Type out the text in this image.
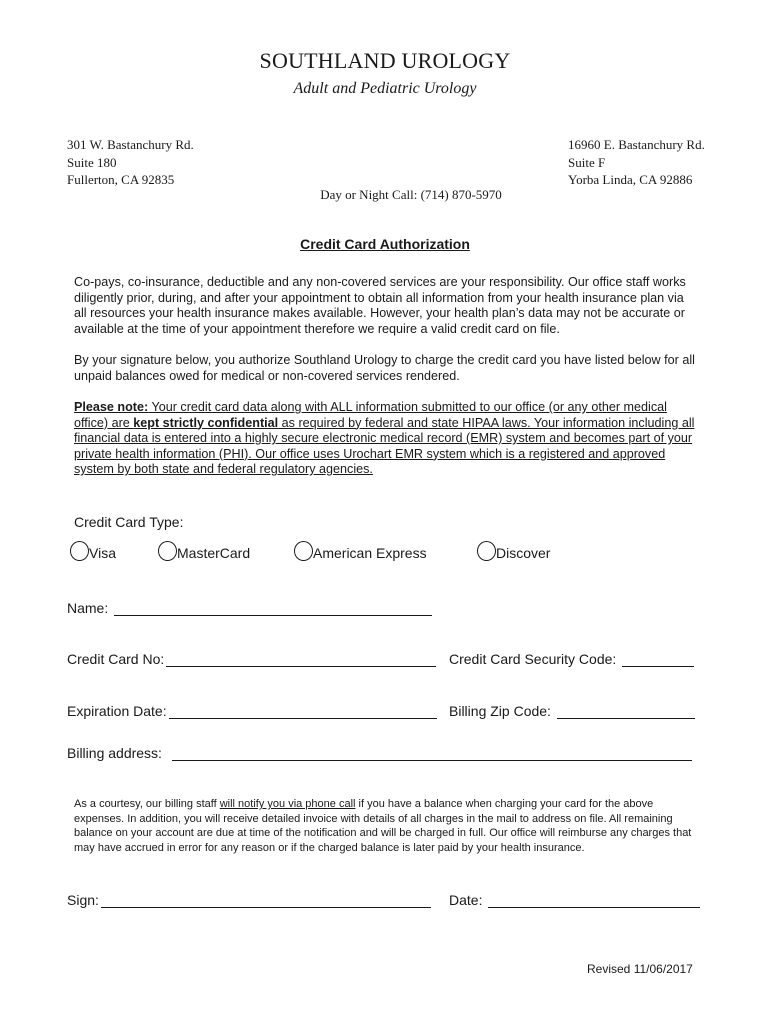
SOUTHLAND UROLOGY
Adult and Pediatric Urology
301 W. Bastanchury Rd.
Suite 180
Fullerton, CA 92835
16960 E. Bastanchury Rd.
Suite F
Yorba Linda, CA 92886
Day or Night Call: (714) 870-5970
Credit Card Authorization
Co-pays, co-insurance, deductible and any non-covered services are your responsibility. Our office staff works diligently prior, during, and after your appointment to obtain all information from your health insurance plan via all resources your health insurance makes available. However, your health plan’s data may not be accurate or available at the time of your appointment therefore we require a valid credit card on file.
By your signature below, you authorize Southland Urology to charge the credit card you have listed below for all unpaid balances owed for medical or non-covered services rendered.
Please note: Your credit card data along with ALL information submitted to our office (or any other medical office) are kept strictly confidential as required by federal and state HIPAA laws. Your information including all financial data is entered into a highly secure electronic medical record (EMR) system and becomes part of your private health information (PHI). Our office uses Urochart EMR system which is a registered and approved system by both state and federal regulatory agencies.
Credit Card Type:
Visa	MasterCard	American Express	Discover
Name:
Credit Card No:	Credit Card Security Code:
Expiration Date:	Billing Zip Code:
Billing address:
As a courtesy, our billing staff will notify you via phone call if you have a balance when charging your card for the above expenses. In addition, you will receive detailed invoice with details of all charges in the mail to address on file. All remaining balance on your account are due at time of the notification and will be charged in full. Our office will reimburse any charges that may have accrued in error for any reason or if the charged balance is later paid by your health insurance.
Sign:	Date:
Revised 11/06/2017
